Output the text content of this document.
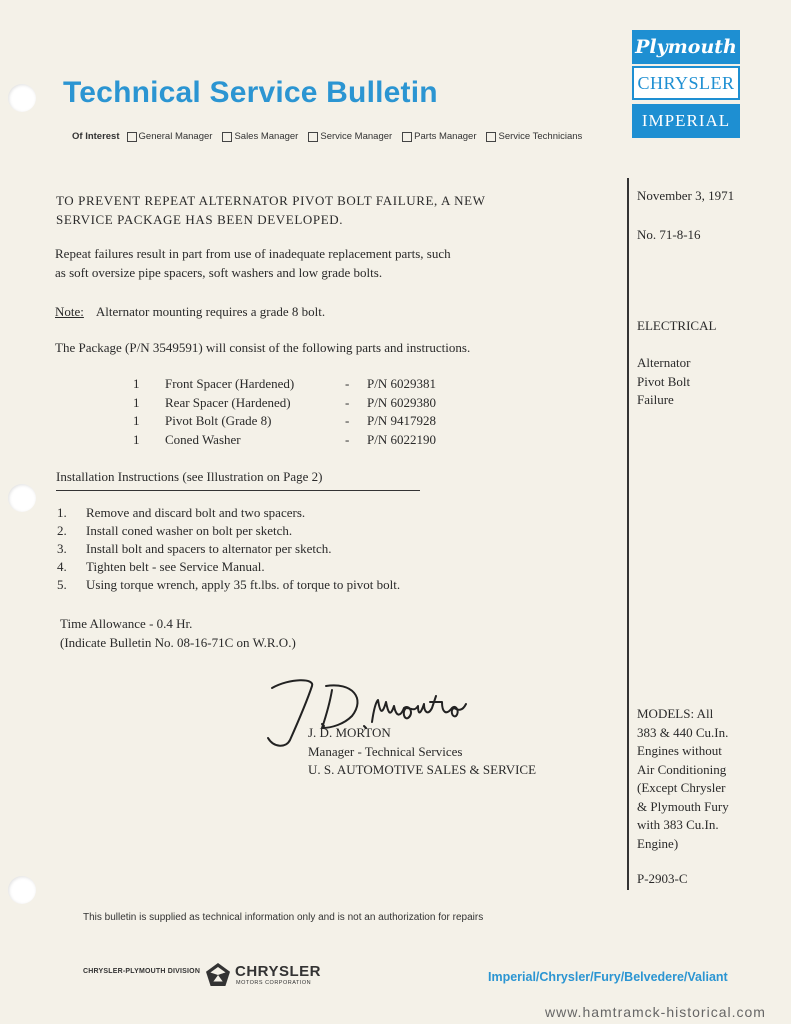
Technical Service Bulletin
Of Interest General Manager Sales Manager Service Manager Parts Manager Service Technicians
Plymouth
CHRYSLER
IMPERIAL
TO PREVENT REPEAT ALTERNATOR PIVOT BOLT FAILURE, A NEW
SERVICE PACKAGE HAS BEEN DEVELOPED.
Repeat failures result in part from use of inadequate replacement parts, such
as soft oversize pipe spacers, soft washers and low grade bolts.
Note: Alternator mounting requires a grade 8 bolt.
The Package (P/N 3549591) will consist of the following parts and instructions.
1	Front Spacer (Hardened)	-	P/N 6029381
1	Rear Spacer (Hardened)	-	P/N 6029380
1	Pivot Bolt (Grade 8)	-	P/N 9417928
1	Coned Washer	-	P/N 6022190
Installation Instructions (see Illustration on Page 2)
1.	Remove and discard bolt and two spacers.
2.	Install coned washer on bolt per sketch.
3.	Install bolt and spacers to alternator per sketch.
4.	Tighten belt - see Service Manual.
5.	Using torque wrench, apply 35 ft.lbs. of torque to pivot bolt.
Time Allowance - 0.4 Hr.
(Indicate Bulletin No. 08-16-71C on W.R.O.)
J. D. MORTON
Manager - Technical Services
U. S. AUTOMOTIVE SALES & SERVICE
November 3, 1971
No. 71-8-16
ELECTRICAL
Alternator
Pivot Bolt
Failure
MODELS: All
383 & 440 Cu.In.
Engines without
Air Conditioning
(Except Chrysler
& Plymouth Fury
with 383 Cu.In.
Engine)
P-2903-C
This bulletin is supplied as technical information only and is not an authorization for repairs
CHRYSLER-PLYMOUTH DIVISION CHRYSLER
MOTORS CORPORATION	Imperial/Chrysler/Fury/Belvedere/Valiant
www.hamtramck-historical.com
